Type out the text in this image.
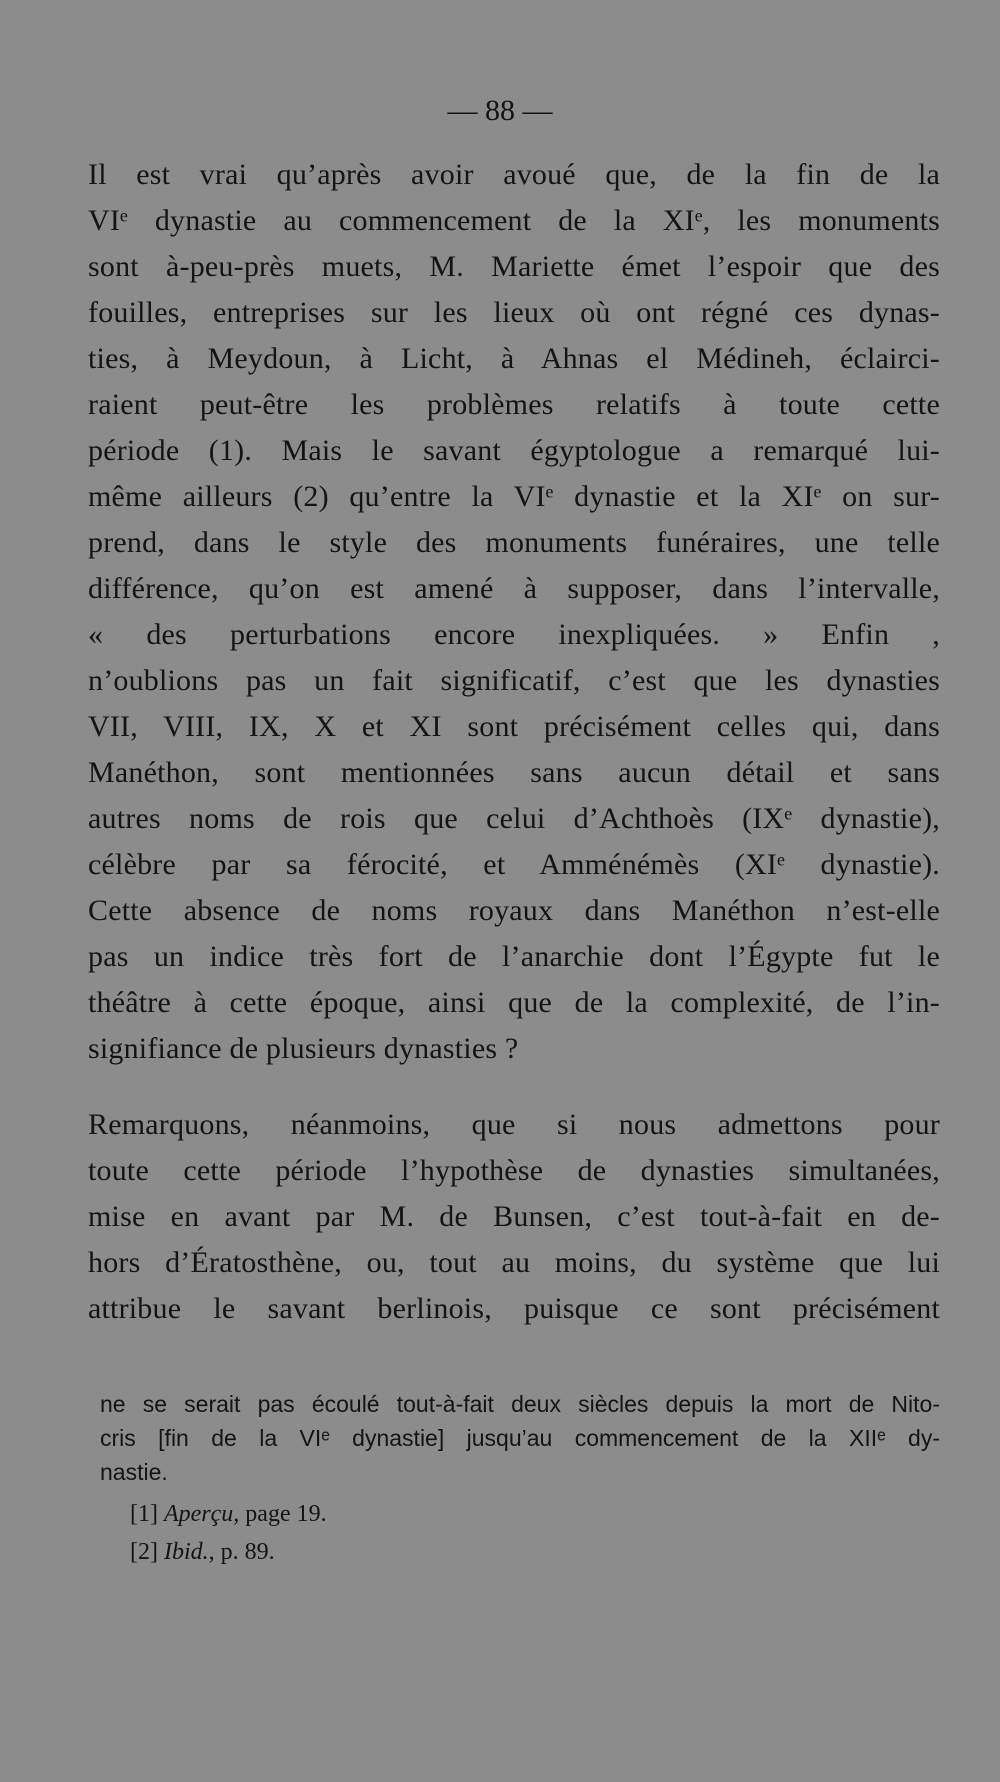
— 88 —

Il est vrai qu’après avoir avoué que, de la fin de la
VIᵉ dynastie au commencement de la XIᵉ, les monuments
sont à-peu-près muets, M. Mariette émet l’espoir que des
fouilles, entreprises sur les lieux où ont régné ces dynas-
ties, à Meydoun, à Licht, à Ahnas el Médineh, éclairci-
raient peut-être les problèmes relatifs à toute cette
période (1). Mais le savant égyptologue a remarqué lui-
même ailleurs (2) qu’entre la VIᵉ dynastie et la XIᵉ on sur-
prend, dans le style des monuments funéraires, une telle
différence, qu’on est amené à supposer, dans l’intervalle,
« des perturbations encore inexpliquées. » Enfin ,
n’oublions pas un fait significatif, c’est que les dynasties
VII, VIII, IX, X et XI sont précisément celles qui, dans
Manéthon, sont mentionnées sans aucun détail et sans
autres noms de rois que celui d’Achthoès (IXᵉ dynastie),
célèbre par sa férocité, et Amménémès (XIᵉ dynastie).
Cette absence de noms royaux dans Manéthon n’est-elle
pas un indice très fort de l’anarchie dont l’Égypte fut le
théâtre à cette époque, ainsi que de la complexité, de l’in-
signifiance de plusieurs dynasties ?

Remarquons, néanmoins, que si nous admettons pour
toute cette période l’hypothèse de dynasties simultanées,
mise en avant par M. de Bunsen, c’est tout-à-fait en de-
hors d’Ératosthène, ou, tout au moins, du système que lui
attribue le savant berlinois, puisque ce sont précisément

ne se serait pas écoulé tout-à-fait deux siècles depuis la mort de Nito-
cris [fin de la VIᵉ dynastie] jusqu’au commencement de la XIIᵉ dy-
nastie.
[1] Aperçu, page 19.
[2] Ibid., p. 89.
